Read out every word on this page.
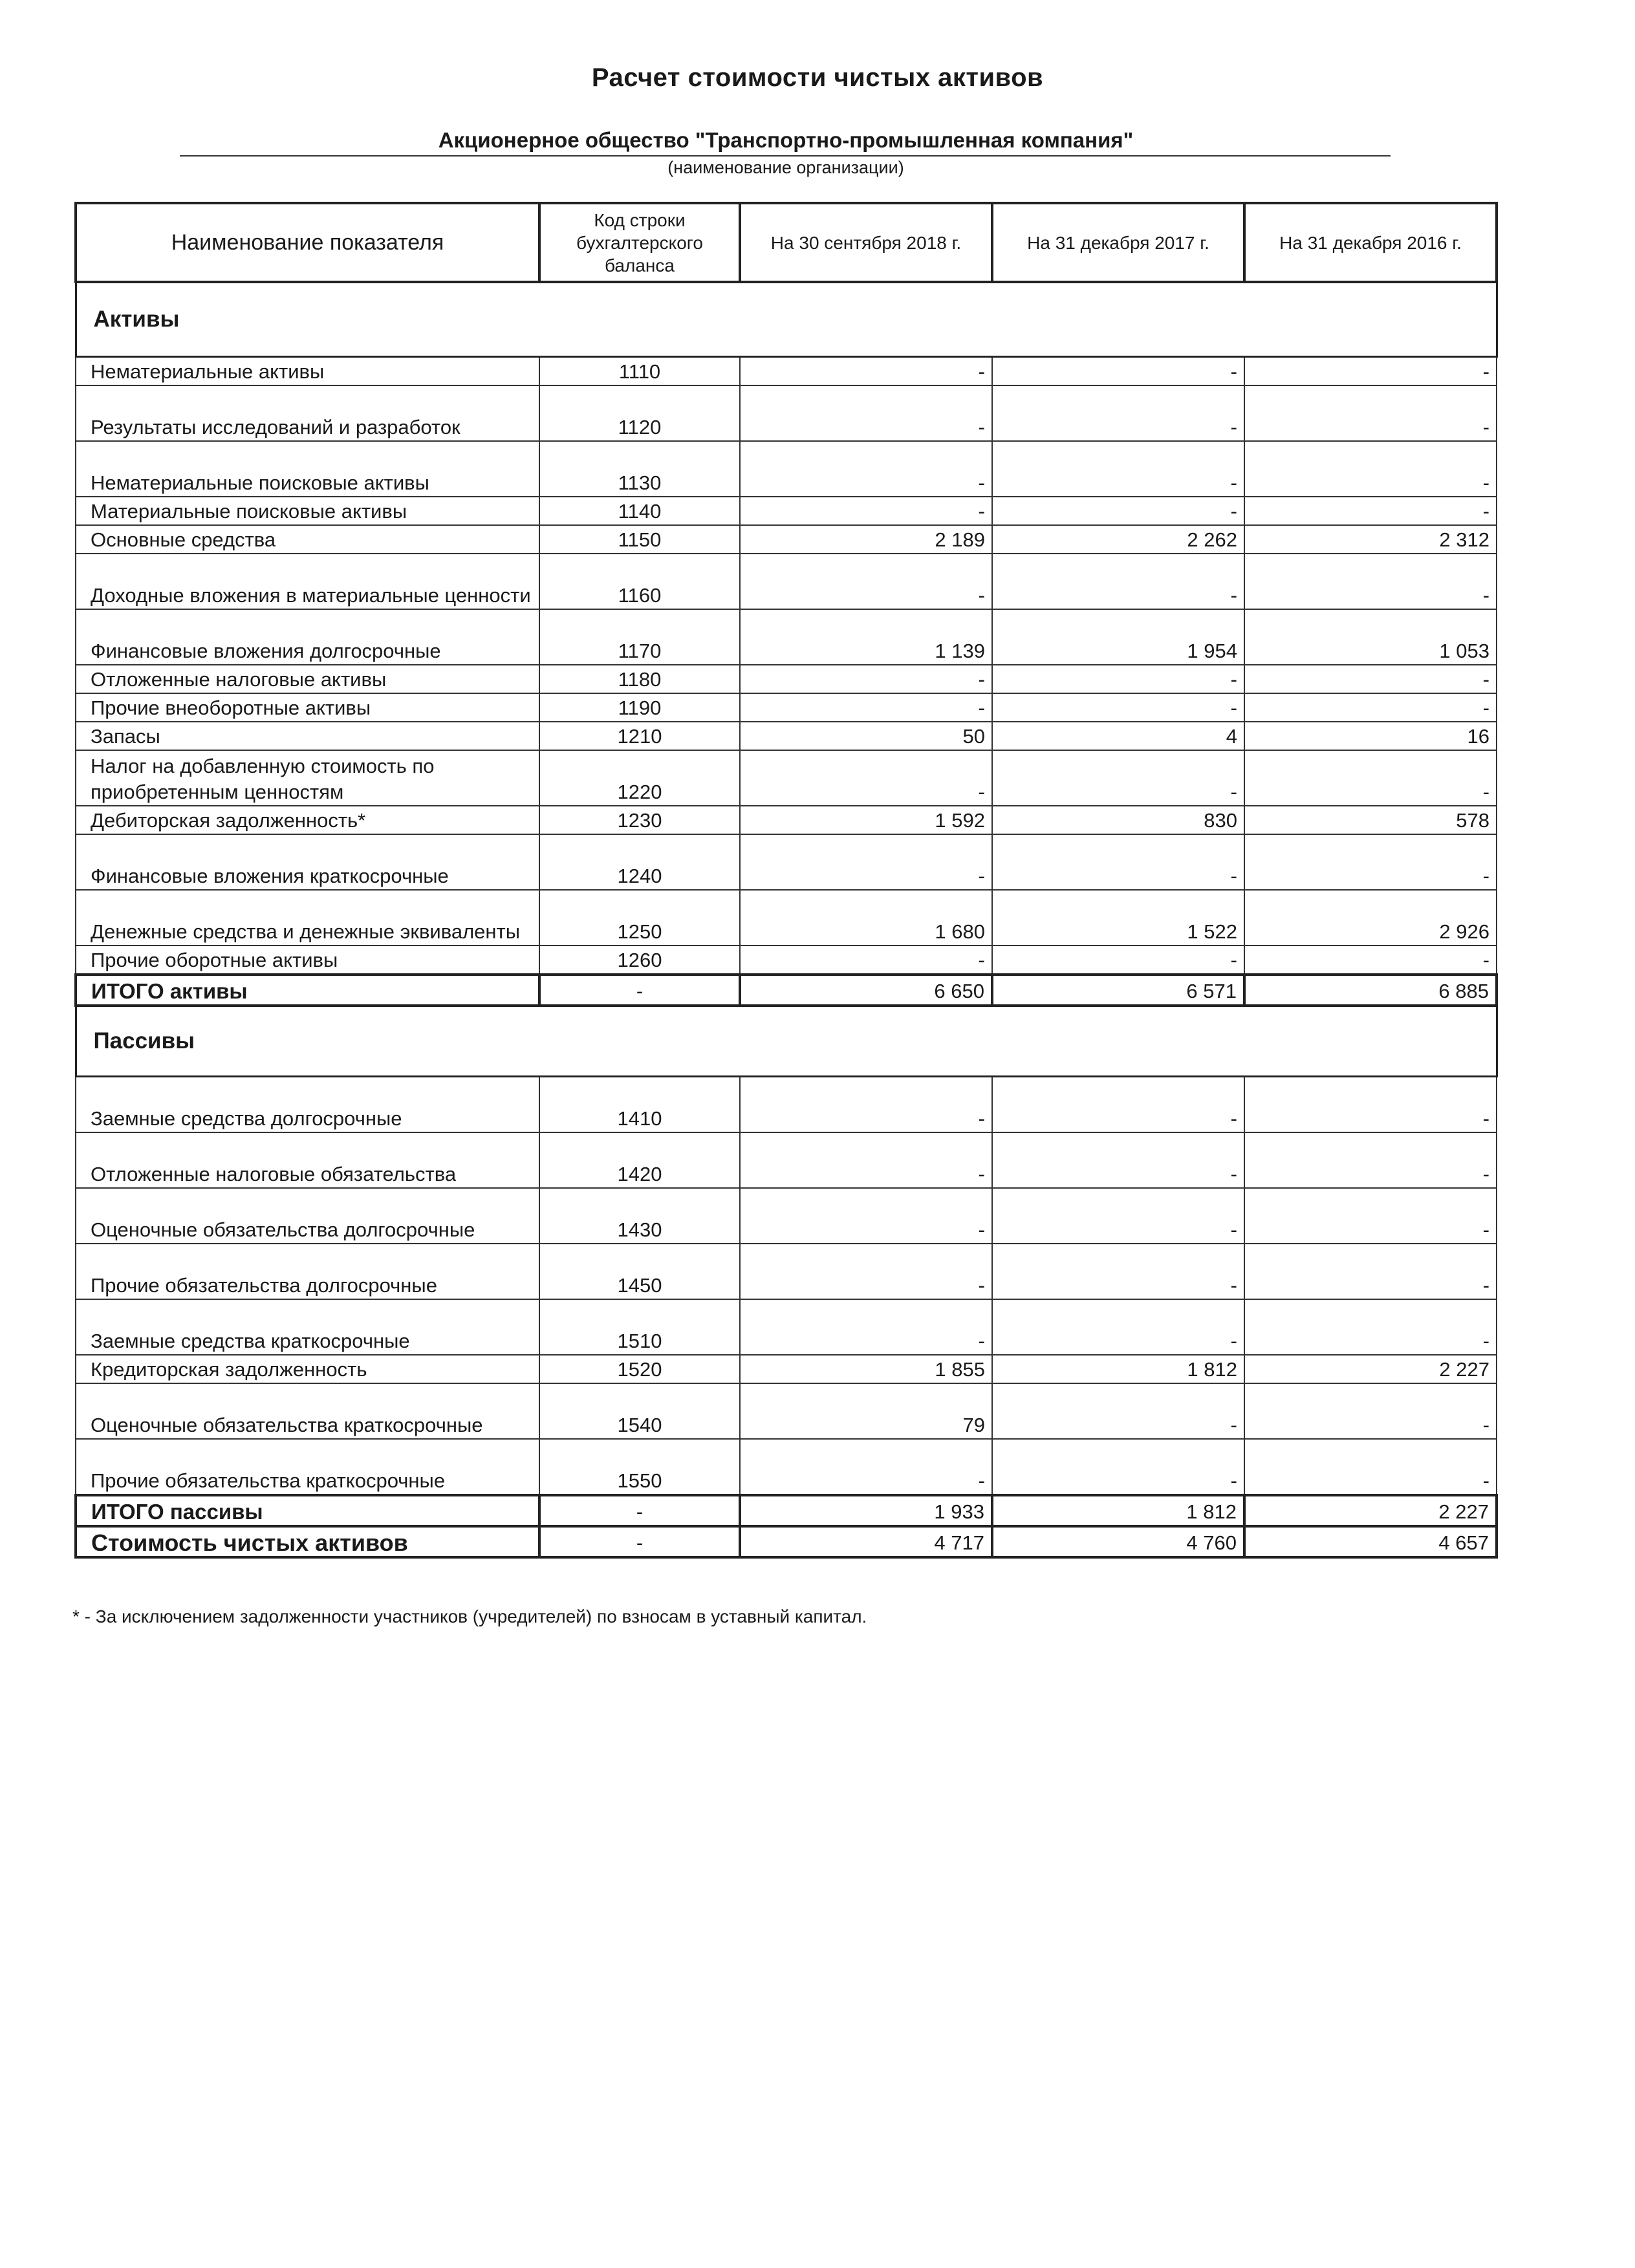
Расчет стоимости чистых активов
Акционерное общество "Транспортно-промышленная компания"
(наименование организации)
Наименование показателя	Код строки бухгалтерского баланса	На 30 сентября 2018 г.	На 31 декабря 2017 г.	На 31 декабря 2016 г.
Активы				
Нематериальные активы	1110	-	-	-
Результаты исследований и разработок	1120	-	-	-
Нематериальные поисковые активы	1130	-	-	-
Материальные поисковые активы	1140	-	-	-
Основные средства	1150	2 189	2 262	2 312
Доходные вложения в материальные ценности	1160	-	-	-
Финансовые вложения долгосрочные	1170	1 139	1 954	1 053
Отложенные налоговые активы	1180	-	-	-
Прочие внеоборотные активы	1190	-	-	-
Запасы	1210	50	4	16
Налог на добавленную стоимость по приобретенным ценностям	1220	-	-	-
Дебиторская задолженность*	1230	1 592	830	578
Финансовые вложения краткосрочные	1240	-	-	-
Денежные средства и денежные эквиваленты	1250	1 680	1 522	2 926
Прочие оборотные активы	1260	-	-	-
ИТОГО активы	-	6 650	6 571	6 885
Пассивы				
Заемные средства долгосрочные	1410	-	-	-
Отложенные налоговые обязательства	1420	-	-	-
Оценочные обязательства долгосрочные	1430	-	-	-
Прочие обязательства долгосрочные	1450	-	-	-
Заемные средства краткосрочные	1510	-	-	-
Кредиторская задолженность	1520	1 855	1 812	2 227
Оценочные обязательства краткосрочные	1540	79	-	-
Прочие обязательства краткосрочные	1550	-	-	-
ИТОГО пассивы	-	1 933	1 812	2 227
Стоимость чистых активов	-	4 717	4 760	4 657
* - За исключением задолженности участников (учредителей) по взносам в уставный капитал.
